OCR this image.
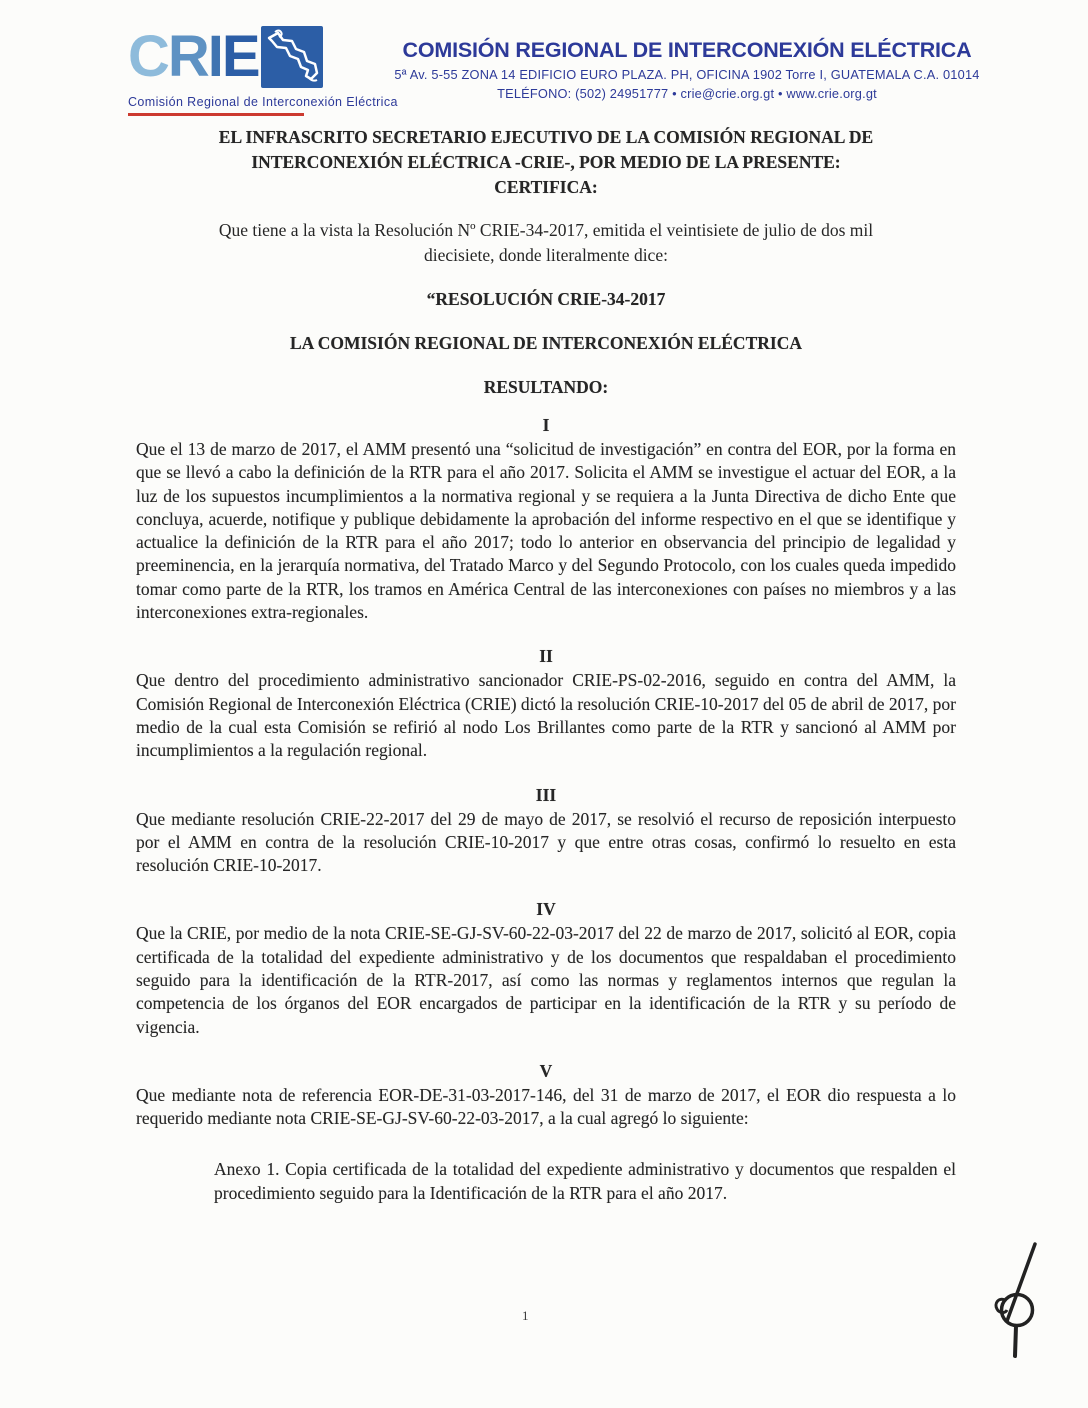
C R I E
Comisión Regional de Interconexión Eléctrica
COMISIÓN REGIONAL DE INTERCONEXIÓN ELÉCTRICA
5ª Av. 5-55 ZONA 14 EDIFICIO EURO PLAZA. PH, OFICINA 1902 Torre I, GUATEMALA C.A. 01014
TELÉFONO: (502) 24951777 • crie@crie.org.gt • www.crie.org.gt
EL INFRASCRITO SECRETARIO EJECUTIVO DE LA COMISIÓN REGIONAL DE
INTERCONEXIÓN ELÉCTRICA -CRIE-, POR MEDIO DE LA PRESENTE:
CERTIFICA:
Que tiene a la vista la Resolución Nº CRIE-34-2017, emitida el veintisiete de julio de dos mil
diecisiete, donde literalmente dice:
“RESOLUCIÓN CRIE-34-2017
LA COMISIÓN REGIONAL DE INTERCONEXIÓN ELÉCTRICA
RESULTANDO:
I

Que el 13 de marzo de 2017, el AMM presentó una “solicitud de investigación” en contra del EOR, por la forma en que se llevó a cabo la definición de la RTR para el año 2017. Solicita el AMM se investigue el actuar del EOR, a la luz de los supuestos incumplimientos a la normativa regional y se requiera a la Junta Directiva de dicho Ente que concluya, acuerde, notifique y publique debidamente la aprobación del informe respectivo en el que se identifique y actualice la definición de la RTR para el año 2017; todo lo anterior en observancia del principio de legalidad y preeminencia, en la jerarquía normativa, del Tratado Marco y del Segundo Protocolo, con los cuales queda impedido tomar como parte de la RTR, los tramos en América Central de las interconexiones con países no miembros y a las interconexiones extra-regionales.

II

Que dentro del procedimiento administrativo sancionador CRIE-PS-02-2016, seguido en contra del AMM, la Comisión Regional de Interconexión Eléctrica (CRIE) dictó la resolución CRIE-10-2017 del 05 de abril de 2017, por medio de la cual esta Comisión se refirió al nodo Los Brillantes como parte de la RTR y sancionó al AMM por incumplimientos a la regulación regional.

III

Que mediante resolución CRIE-22-2017 del 29 de mayo de 2017, se resolvió el recurso de reposición interpuesto por el AMM en contra de la resolución CRIE-10-2017 y que entre otras cosas, confirmó lo resuelto en esta resolución CRIE-10-2017.

IV

Que la CRIE, por medio de la nota CRIE-SE-GJ-SV-60-22-03-2017 del 22 de marzo de 2017, solicitó al EOR, copia certificada de la totalidad del expediente administrativo y de los documentos que respaldaban el procedimiento seguido para la identificación de la RTR-2017, así como las normas y reglamentos internos que regulan la competencia de los órganos del EOR encargados de participar en la identificación de la RTR y su período de vigencia.

V

Que mediante nota de referencia EOR-DE-31-03-2017-146, del 31 de marzo de 2017, el EOR dio respuesta a lo requerido mediante nota CRIE-SE-GJ-SV-60-22-03-2017, a la cual agregó lo siguiente:

Anexo 1. Copia certificada de la totalidad del expediente administrativo y documentos que respalden el procedimiento seguido para la Identificación de la RTR para el año 2017.

1
